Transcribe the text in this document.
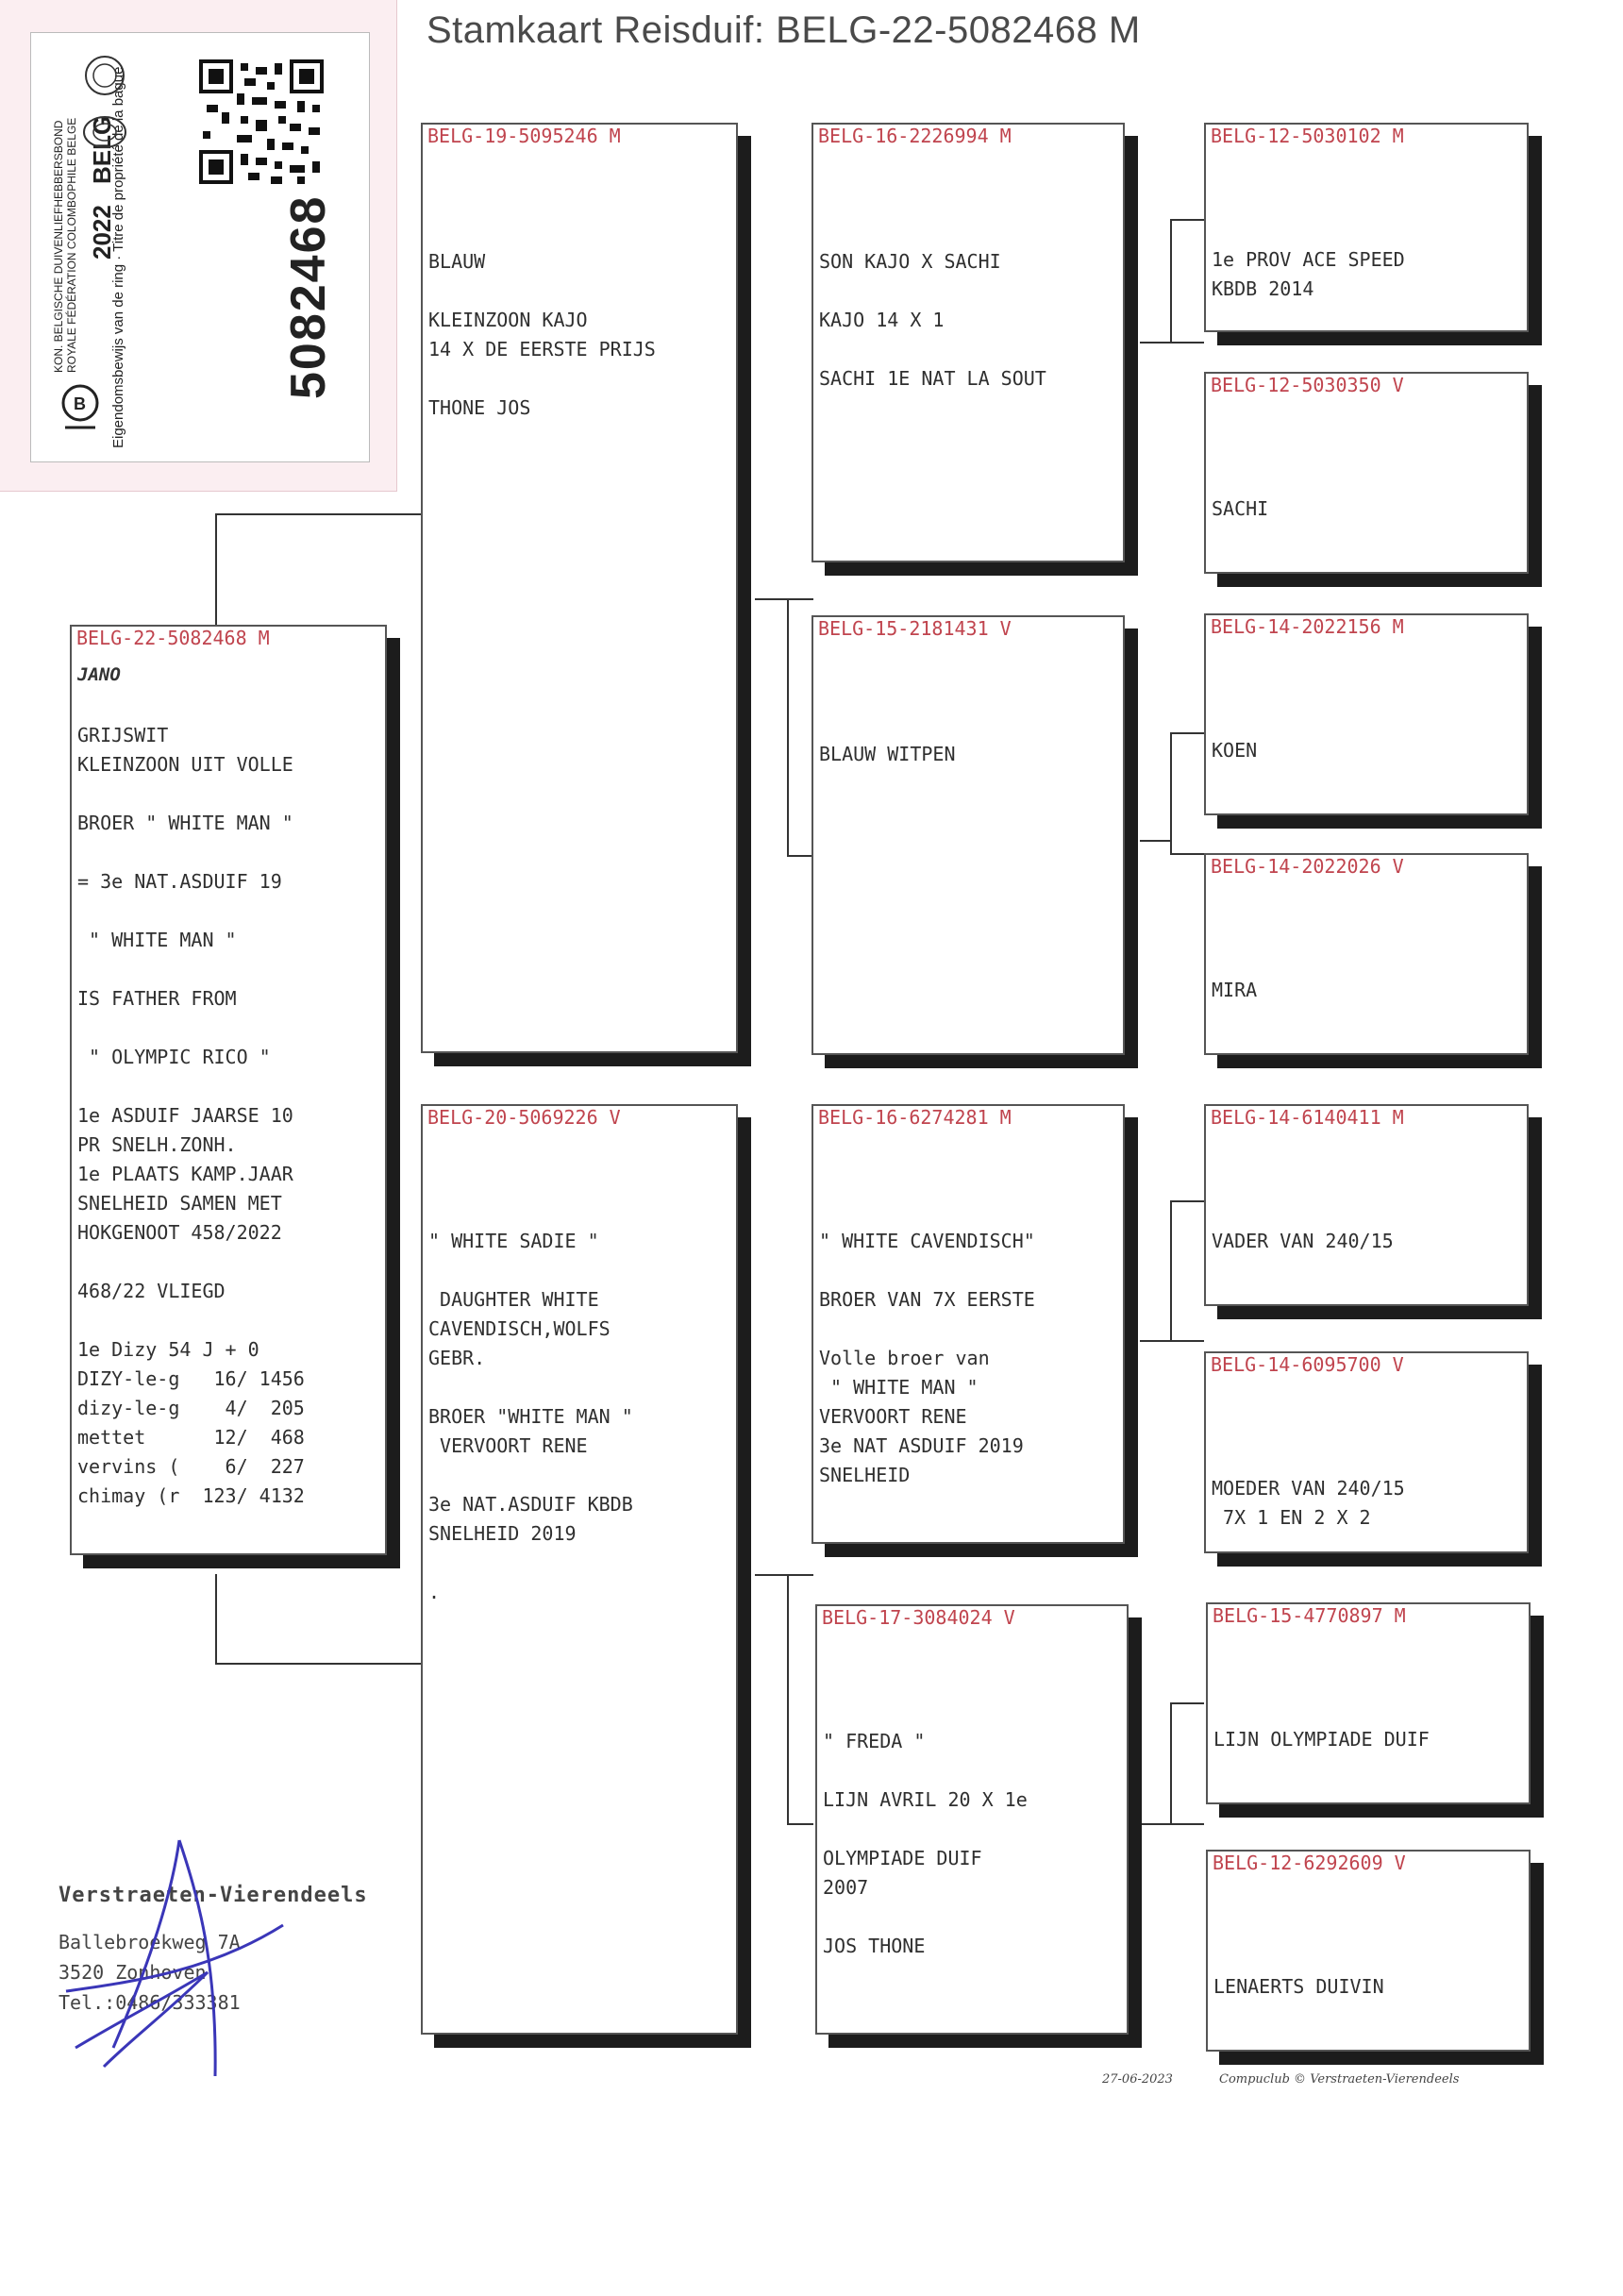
B
KON. BELGISCHE DUIVENLIEFHEBBERSBOND ROYALE FÉDÉRATION COLOMBOPHILE BELGE Eigendomsbewijs van de ring · Titre de propriété de la bague
2022
BELG
5082468
Stamkaart Reisduif: BELG-22-5082468 M
BELG-22-5082468 M
JANO
GRIJSWIT
KLEINZOON UIT VOLLE

BROER " WHITE MAN "

= 3e NAT.ASDUIF 19

" WHITE MAN "

IS FATHER FROM

" OLYMPIC RICO "

1e ASDUIF JAARSE 10
PR SNELH.ZONH.
1e PLAATS KAMP.JAAR
SNELHEID SAMEN MET
HOKGENOOT 458/2022

468/22 VLIEGD

1e Dizy 54 J + 0
DIZY-le-g   16/ 1456
dizy-le-g    4/  205
mettet      12/  468
vervins (    6/  227
chimay (r  123/ 4132
BELG-19-5095246 M
BLAUW

KLEINZOON KAJO
14 X DE EERSTE PRIJS

THONE JOS
BELG-20-5069226 V
" WHITE SADIE "

DAUGHTER WHITE
CAVENDISCH,WOLFS
GEBR.

BROER "WHITE MAN "
VERVOORT RENE

3e NAT.ASDUIF KBDB
SNELHEID 2019

.
BELG-16-2226994 M
SON KAJO X SACHI

KAJO 14 X 1

SACHI 1E NAT LA SOUT
BELG-15-2181431 V
BLAUW WITPEN
BELG-16-6274281 M
" WHITE CAVENDISCH"

BROER VAN 7X EERSTE

Volle broer van
" WHITE MAN "
VERVOORT RENE
3e NAT ASDUIF 2019
SNELHEID
BELG-17-3084024 V
" FREDA "

LIJN AVRIL 20 X 1e

OLYMPIADE DUIF
2007

JOS THONE
BELG-12-5030102 M
1e PROV ACE SPEED
KBDB 2014
BELG-12-5030350 V
SACHI
BELG-14-2022156 M
KOEN
BELG-14-2022026 V
MIRA
BELG-14-6140411 M
VADER VAN 240/15
BELG-14-6095700 V
MOEDER VAN 240/15
7X 1 EN 2 X 2
BELG-15-4770897 M
LIJN OLYMPIADE DUIF
BELG-12-6292609 V
LENAERTS DUIVIN
Verstraeten-Vierendeels
Ballebroekweg 7A
3520 Zonhoven
Tel.:0486/333381
27-06-2023	Compuclub © Verstraeten-Vierendeels
